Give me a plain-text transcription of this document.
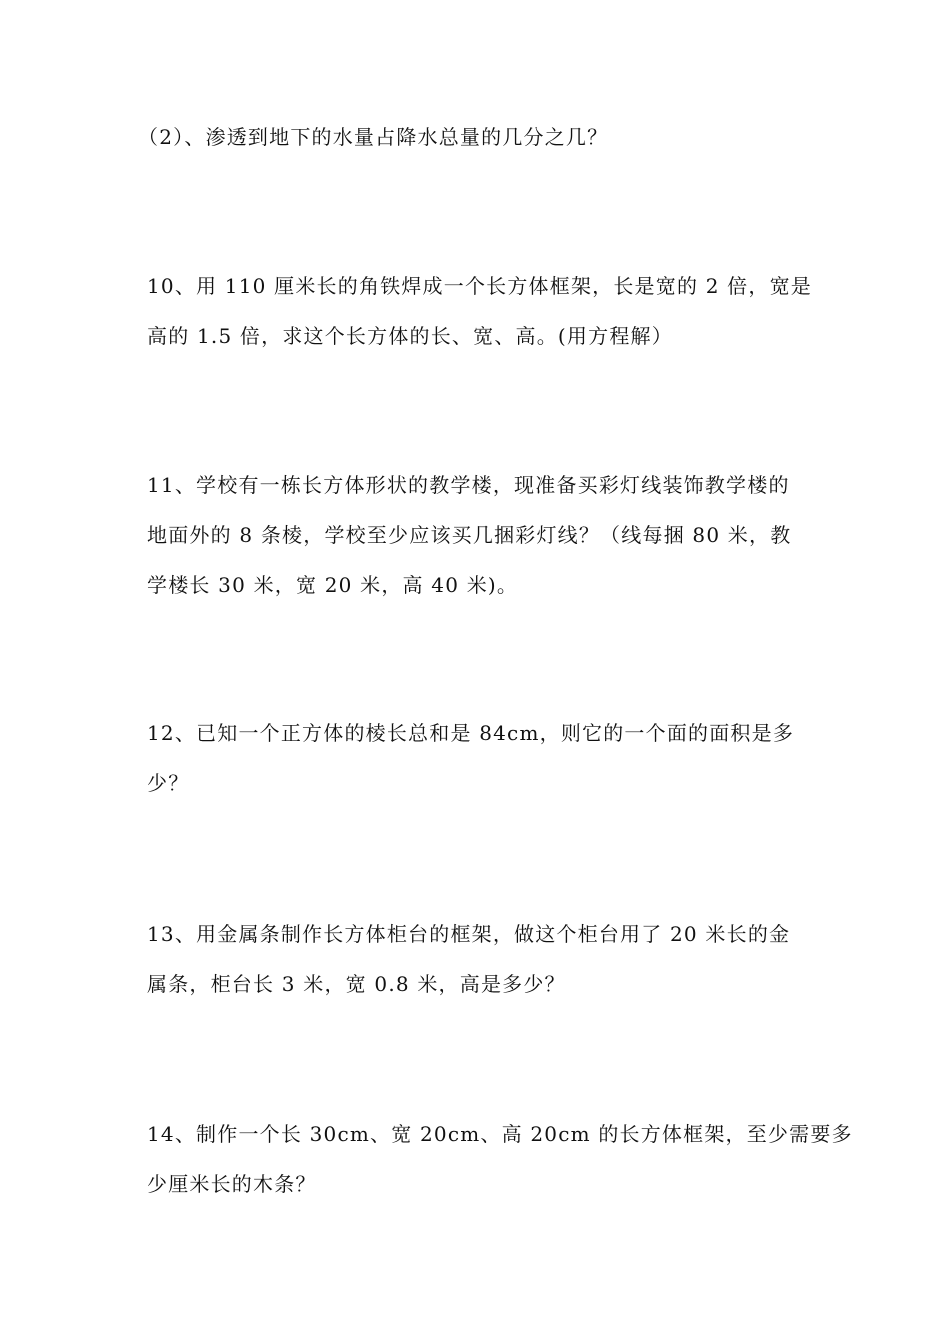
（2）、渗透到地下的水量占降水总量的几分之几？
10、用 110 厘米长的角铁焊成一个长方体框架，长是宽的 2 倍，宽是
高的 1.5 倍，求这个长方体的长、宽、高。(用方程解）
11、学校有一栋长方体形状的教学楼，现准备买彩灯线装饰教学楼的
地面外的 8 条棱，学校至少应该买几捆彩灯线？（线每捆 80 米，教
学楼长 30 米，宽 20 米，高 40 米)。
12、已知一个正方体的棱长总和是 84cm，则它的一个面的面积是多
少？
13、用金属条制作长方体柜台的框架，做这个柜台用了 20 米长的金
属条，柜台长 3 米，宽 0.8 米，高是多少？
14、制作一个长 30cm、宽 20cm、高 20cm 的长方体框架，至少需要多
少厘米长的木条？
